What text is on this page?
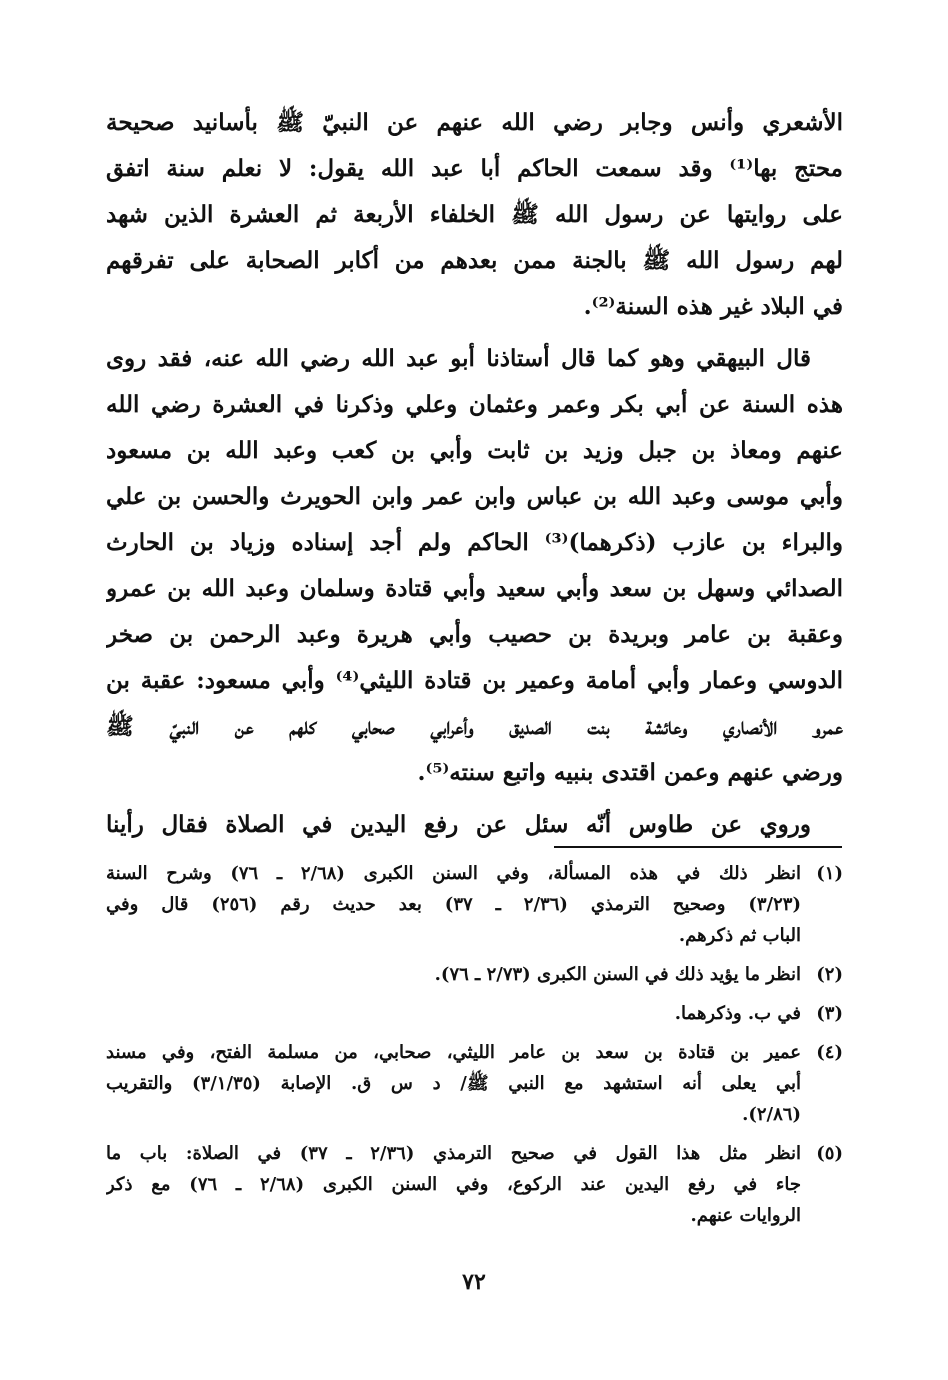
الأشعري وأنس وجابر رضي الله عنهم عن النبيّ ﷺ بأسانيد صحيحة
محتج بها⁽¹⁾ وقد سمعت الحاكم أبا عبد الله يقول: لا نعلم سنة اتفق
على روايتها عن رسول الله ﷺ الخلفاء الأربعة ثم العشرة الذين شهد
لهم رسول الله ﷺ بالجنة ممن بعدهم من أكابر الصحابة على تفرقهم
في البلاد غير هذه السنة⁽²⁾.
قال البيهقي وهو كما قال أستاذنا أبو عبد الله رضي الله عنه، فقد روى
هذه السنة عن أبي بكر وعمر وعثمان وعلي وذكرنا في العشرة رضي الله
عنهم ومعاذ بن جبل وزيد بن ثابت وأبي بن كعب وعبد الله بن مسعود
وأبي موسى وعبد الله بن عباس وابن عمر وابن الحويرث والحسن بن علي
والبراء بن عازب (ذكرهما)⁽³⁾ الحاكم ولم أجد إسناده وزياد بن الحارث
الصدائي وسهل بن سعد وأبي سعيد وأبي قتادة وسلمان وعبد الله بن عمرو
وعقبة بن عامر وبريدة بن حصيب وأبي هريرة وعبد الرحمن بن صخر
الدوسي وعمار وأبي أمامة وعمير بن قتادة الليثي⁽⁴⁾ وأبي مسعود: عقبة بن
عمرو الأنصاري وعائشة بنت الصديق وأعرابي صحابي كلهم عن النبيّ ﷺ
ورضي عنهم وعمن اقتدى بنبيه واتبع سنته⁽⁵⁾.
وروي عن طاوس أنّه سئل عن رفع اليدين في الصلاة فقال رأينا
(١)
انظر ذلك في هذه المسألة، وفي السنن الكبرى (٢/٦٨ ـ ٧٦) وشرح السنة
(٣/٢٣) وصحيح الترمذي (٢/٣٦ ـ ٣٧) بعد حديث رقم (٢٥٦) قال وفي
الباب ثم ذكرهم.
(٢)
انظر ما يؤيد ذلك في السنن الكبرى (٢/٧٣ ـ ٧٦).
(٣)
في ب. وذكرهما.
(٤)
عمير بن قتادة بن سعد بن عامر الليثي، صحابي، من مسلمة الفتح، وفي مسند
أبي يعلى أنه استشهد مع النبي ﷺ/ د س ق. الإصابة (٣/١/٣٥) والتقريب
(٢/٨٦).
(٥)
انظر مثل هذا القول في صحيح الترمذي (٢/٣٦ ـ ٣٧) في الصلاة: باب ما
جاء في رفع اليدين عند الركوع، وفي السنن الكبرى (٢/٦٨ ـ ٧٦) مع ذكر
الروايات عنهم.
٧٢
